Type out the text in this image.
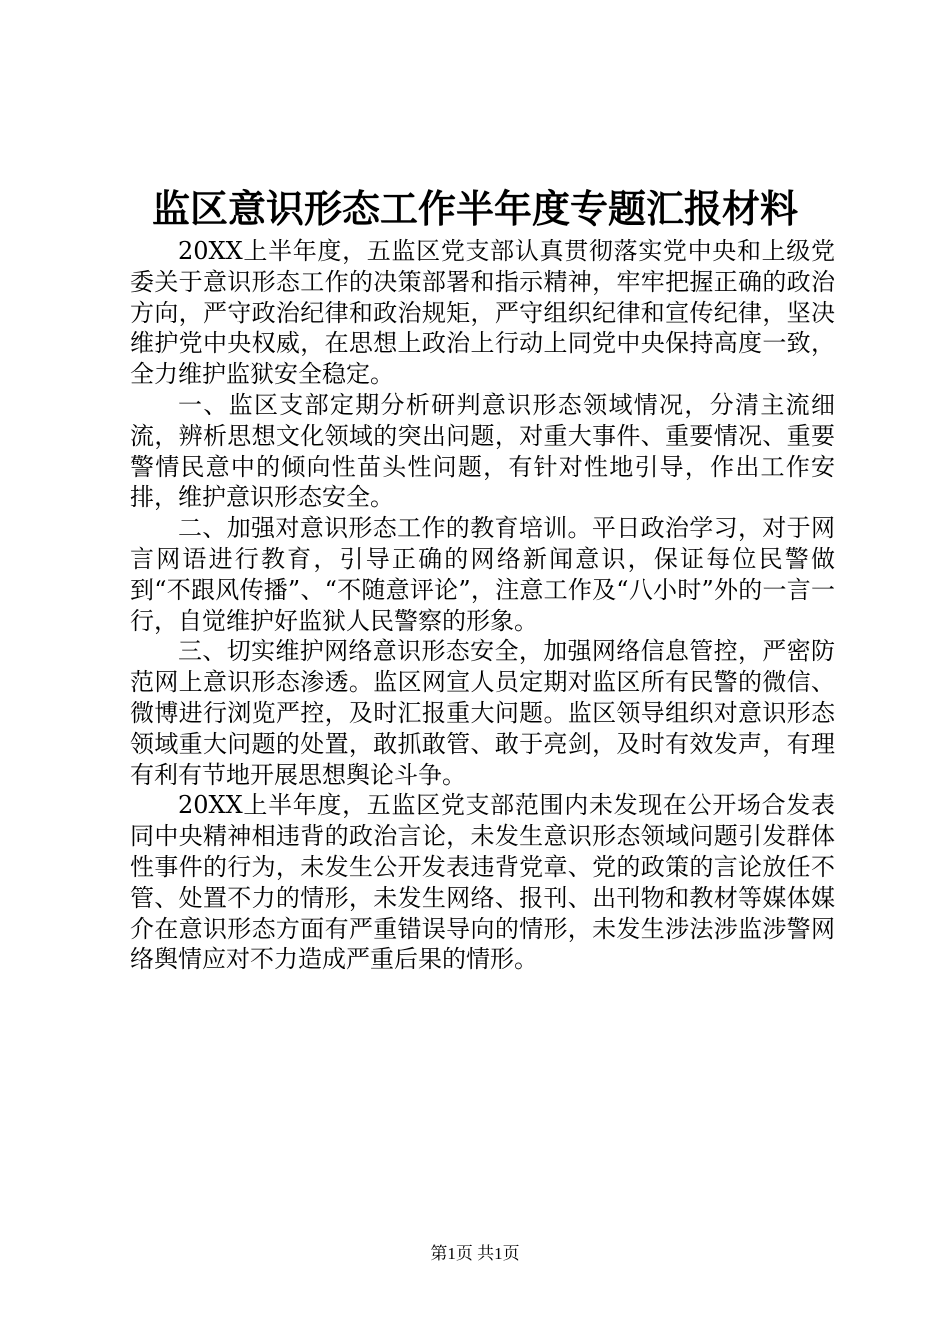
监区意识形态工作半年度专题汇报材料

20XX上半年度，五监区党支部认真贯彻落实党中央和上级党委关于意识形态工作的决策部署和指示精神，牢牢把握正确的政治方向，严守政治纪律和政治规矩，严守组织纪律和宣传纪律，坚决维护党中央权威，在思想上政治上行动上同党中央保持高度一致，全力维护监狱安全稳定。

一、监区支部定期分析研判意识形态领域情况，分清主流细流，辨析思想文化领域的突出问题，对重大事件、重要情况、重要警情民意中的倾向性苗头性问题，有针对性地引导，作出工作安排，维护意识形态安全。

二、加强对意识形态工作的教育培训。平日政治学习，对于网言网语进行教育，引导正确的网络新闻意识，保证每位民警做到“不跟风传播”、“不随意评论”，注意工作及“八小时”外的一言一行，自觉维护好监狱人民警察的形象。

三、切实维护网络意识形态安全，加强网络信息管控，严密防范网上意识形态渗透。监区网宣人员定期对监区所有民警的微信、微博进行浏览严控，及时汇报重大问题。监区领导组织对意识形态领域重大问题的处置，敢抓敢管、敢于亮剑，及时有效发声，有理有利有节地开展思想舆论斗争。

20XX上半年度，五监区党支部范围内未发现在公开场合发表同中央精神相违背的政治言论，未发生意识形态领域问题引发群体性事件的行为，未发生公开发表违背党章、党的政策的言论放任不管、处置不力的情形，未发生网络、报刊、出刊物和教材等媒体媒介在意识形态方面有严重错误导向的情形，未发生涉法涉监涉警网络舆情应对不力造成严重后果的情形。

第1页 共1页
